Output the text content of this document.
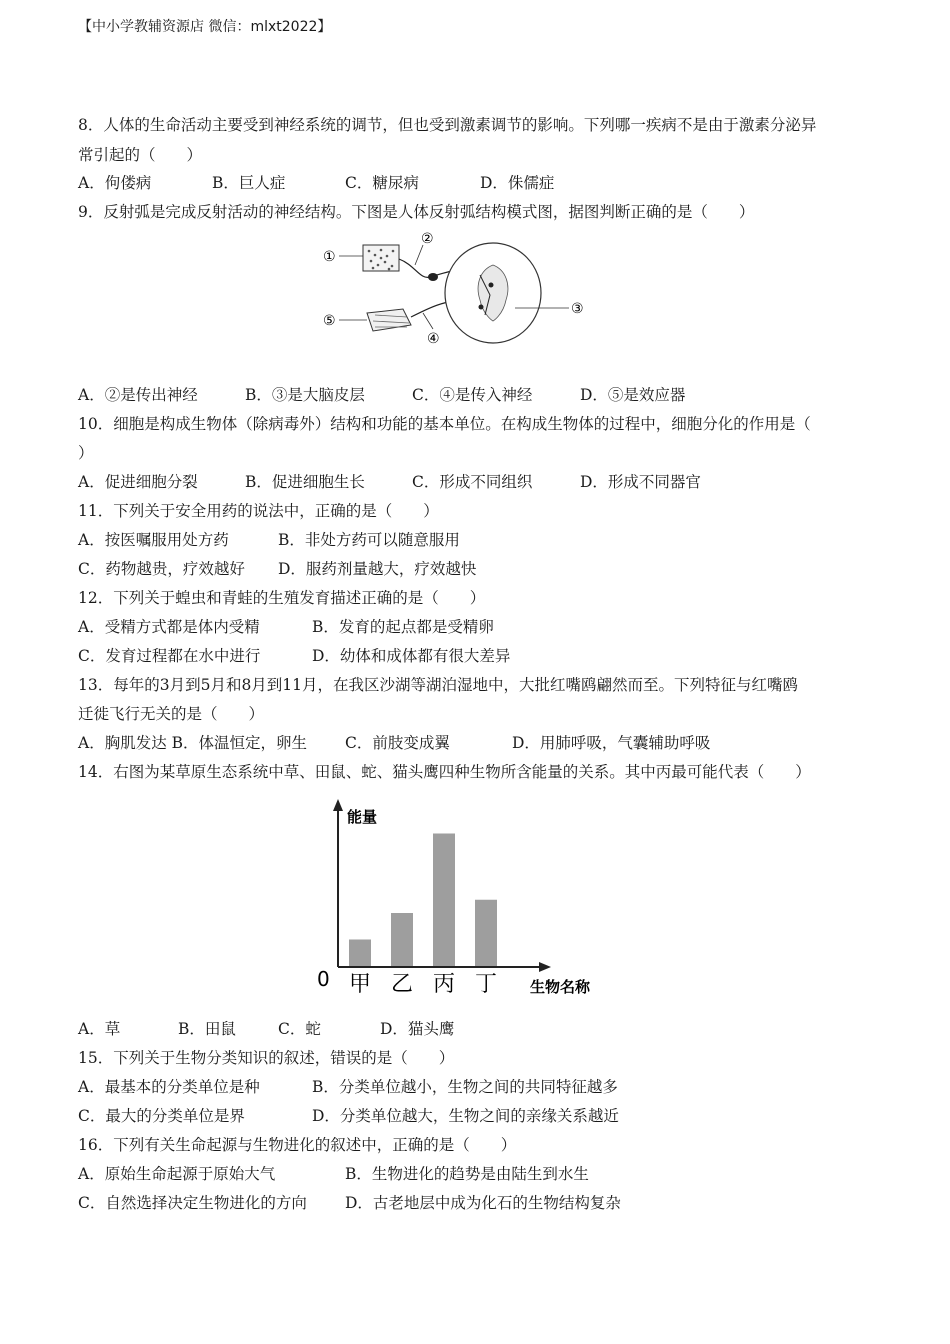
【中小学教辅资源店 微信：mlxt2022】
8．人体的生命活动主要受到神经系统的调节，但也受到激素调节的影响。下列哪一疾病不是由于激素分泌异
常引起的（　　）
A．佝偻病	B．巨人症	C．糖尿病	D．侏儒症
9．反射弧是完成反射活动的神经结构。下图是人体反射弧结构模式图，据图判断正确的是（　　）
①
②
③
④
⑤
A．②是传出神经	B．③是大脑皮层	C．④是传入神经	D．⑤是效应器
10．细胞是构成生物体（除病毒外）结构和功能的基本单位。在构成生物体的过程中，细胞分化的作用是（
）
A．促进细胞分裂	B．促进细胞生长	C．形成不同组织	D．形成不同器官
11．下列关于安全用药的说法中，正确的是（　　）
A．按医嘱服用处方药	B．非处方药可以随意服用
C．药物越贵，疗效越好 D．服药剂量越大，疗效越快
12．下列关于蝗虫和青蛙的生殖发育描述正确的是（　　）
A．受精方式都是体内受精	B．发育的起点都是受精卵
C．发育过程都在水中进行	D．幼体和成体都有很大差异
13．每年的3月到5月和8月到11月，在我区沙湖等湖泊湿地中，大批红嘴鸥翩然而至。下列特征与红嘴鸥
迁徙飞行无关的是（　　）
A．胸肌发达 B．体温恒定，卵生 C．前肢变成翼	D．用肺呼吸，气囊辅助呼吸
14．右图为某草原生态系统中草、田鼠、蛇、猫头鹰四种生物所含能量的关系。其中丙最可能代表（　　）
甲 乙 丙 丁
能量
0	生物名称
A．草	B．田鼠	C．蛇	D．猫头鹰
15．下列关于生物分类知识的叙述，错误的是（　　）
A．最基本的分类单位是种	B．分类单位越小，生物之间的共同特征越多
C．最大的分类单位是界	D．分类单位越大，生物之间的亲缘关系越近
16．下列有关生命起源与生物进化的叙述中，正确的是（　　）
A．原始生命起源于原始大气	B．生物进化的趋势是由陆生到水生
C．自然选择决定生物进化的方向 D．古老地层中成为化石的生物结构复杂
